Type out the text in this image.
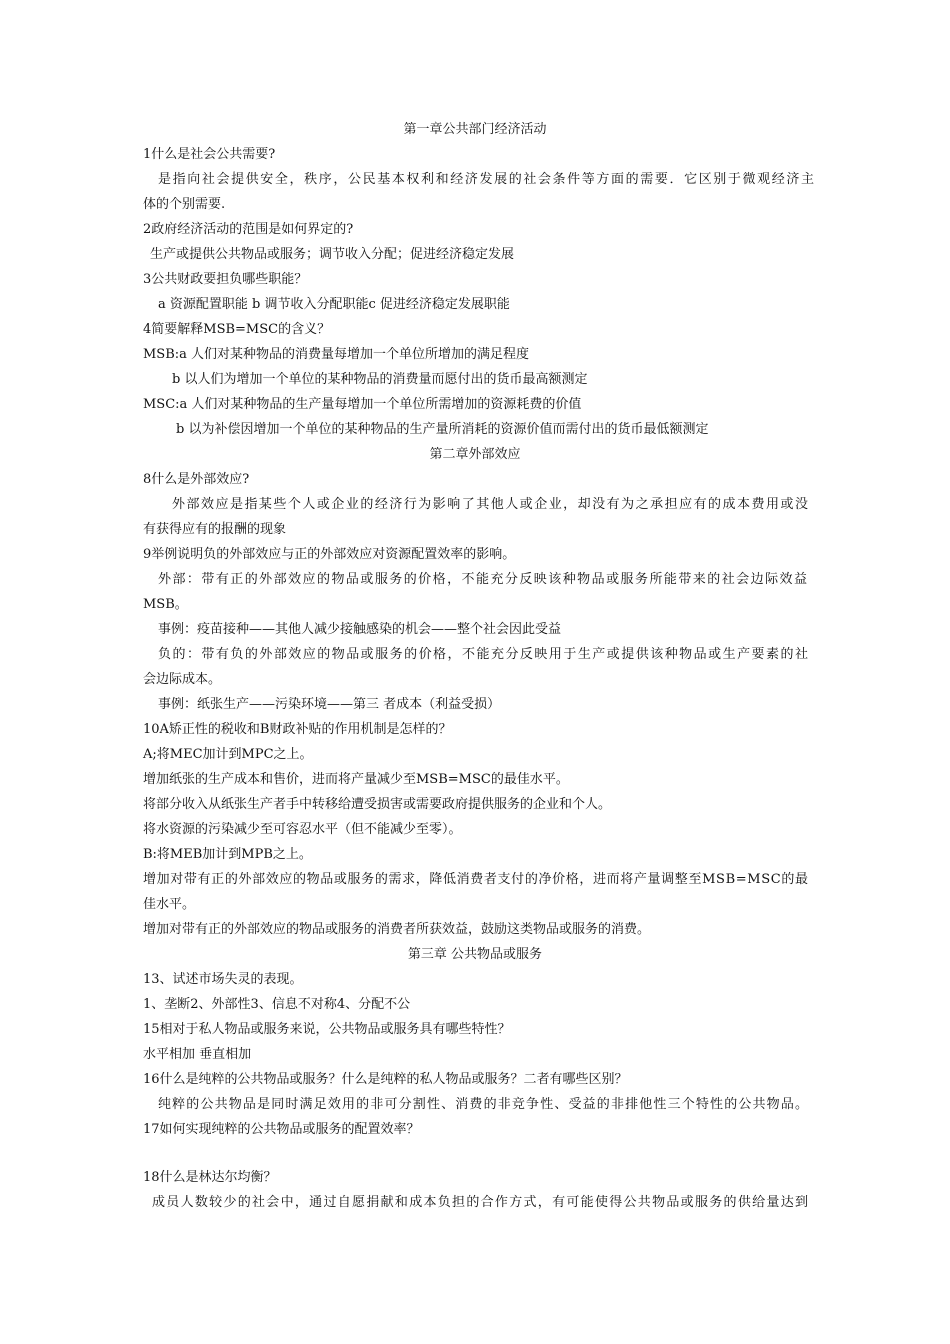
第一章公共部门经济活动
1什么是社会公共需要?
是指向社会提供安全，秩序，公民基本权利和经济发展的社会条件等方面的需要．它区别于微观经济主
体的个别需要.
2政府经济活动的范围是如何界定的?
生产或提供公共物品或服务；调节收入分配；促进经济稳定发展
3公共财政要担负哪些职能？
a 资源配置职能 b 调节收入分配职能c 促进经济稳定发展职能
4简要解释MSB=MSC的含义？
MSB:a 人们对某种物品的消费量每增加一个单位所增加的满足程度
b 以人们为增加一个单位的某种物品的消费量而愿付出的货币最高额测定
MSC:a 人们对某种物品的生产量每增加一个单位所需增加的资源耗费的价值
b 以为补偿因增加一个单位的某种物品的生产量所消耗的资源价值而需付出的货币最低额测定
第二章外部效应
8什么是外部效应?
外部效应是指某些个人或企业的经济行为影响了其他人或企业，却没有为之承担应有的成本费用或没
有获得应有的报酬的现象
9举例说明负的外部效应与正的外部效应对资源配置效率的影响。
外部：带有正的外部效应的物品或服务的价格，不能充分反映该种物品或服务所能带来的社会边际效益
MSB。
事例：疫苗接种——其他人减少接触感染的机会——整个社会因此受益
负的：带有负的外部效应的物品或服务的价格，不能充分反映用于生产或提供该种物品或生产要素的社
会边际成本。
事例：纸张生产——污染环境——第三 者成本（利益受损）
10A矫正性的税收和B财政补贴的作用机制是怎样的？
A;将MEC加计到MPC之上。
增加纸张的生产成本和售价，进而将产量减少至MSB=MSC的最佳水平。
将部分收入从纸张生产者手中转移给遭受损害或需要政府提供服务的企业和个人。
将水资源的污染减少至可容忍水平（但不能减少至零）。
B:将MEB加计到MPB之上。
增加对带有正的外部效应的物品或服务的需求，降低消费者支付的净价格，进而将产量调整至MSB=MSC的最
佳水平。
增加对带有正的外部效应的物品或服务的消费者所获效益，鼓励这类物品或服务的消费。
第三章 公共物品或服务
13、试述市场失灵的表现。
1、垄断2、外部性3、信息不对称4、分配不公
15相对于私人物品或服务来说，公共物品或服务具有哪些特性？
水平相加 垂直相加
16什么是纯粹的公共物品或服务？什么是纯粹的私人物品或服务？二者有哪些区别？
纯粹的公共物品是同时满足效用的非可分割性、消费的非竞争性、受益的非排他性三个特性的公共物品。
17如何实现纯粹的公共物品或服务的配置效率？
18什么是林达尔均衡？
成员人数较少的社会中，通过自愿捐献和成本负担的合作方式，有可能使得公共物品或服务的供给量达到
